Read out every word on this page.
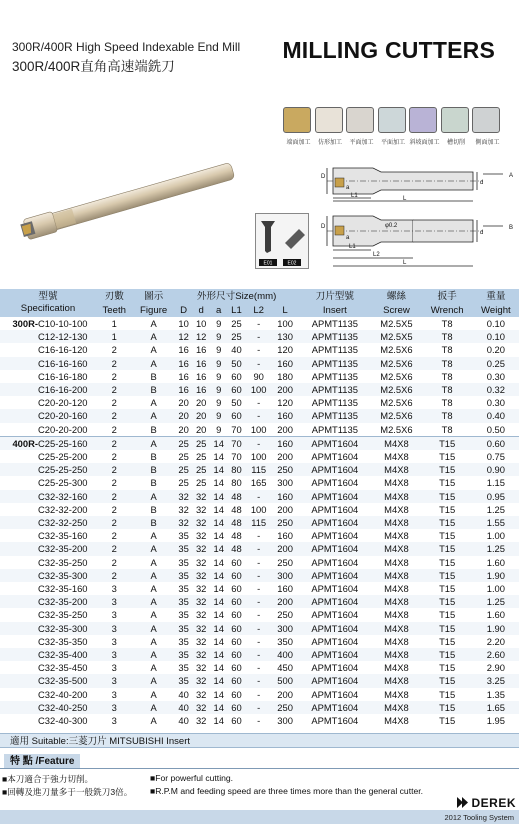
300R/400R High Speed Indexable End Mill
300R/400R直角高速端銑刀
MILLING CUTTERS
端面加工	仿形加工	平面加工	平面加工 斜坡面加工	槽切削	側面加工
D
d
a
L1	L
A
D
d
a
φ0.2
L1
L2
L
B
E01	E02
型號		刃數	圖示	外形尺寸Size(mm)						刀片型號	螺絲	扳手	重量
Specification		Teeth	Figure	D	d	a	L1	L2	L	Insert	Screw	Wrench	Weight
300R-	C10-10-100	1	A	10	10	9	25	-	100	APMT1135	M2.5X5	T8	0.10
	C12-12-130	1	A	12	12	9	25	-	130	APMT1135	M2.5X5	T8	0.10
	C16-16-120	2	A	16	16	9	40	-	120	APMT1135	M2.5X6	T8	0.20
	C16-16-160	2	A	16	16	9	50	-	160	APMT1135	M2.5X6	T8	0.25
	C16-16-180	2	B	16	16	9	60	90	180	APMT1135	M2.5X6	T8	0.30
	C16-16-200	2	B	16	16	9	60	100	200	APMT1135	M2.5X6	T8	0.32
	C20-20-120	2	A	20	20	9	50	-	120	APMT1135	M2.5X6	T8	0.30
	C20-20-160	2	A	20	20	9	60	-	160	APMT1135	M2.5X6	T8	0.40
	C20-20-200	2	B	20	20	9	70	100	200	APMT1135	M2.5X6	T8	0.50
400R-	C25-25-160	2	A	25	25	14	70	-	160	APMT1604	M4X8	T15	0.60
	C25-25-200	2	B	25	25	14	70	100	200	APMT1604	M4X8	T15	0.75
	C25-25-250	2	B	25	25	14	80	115	250	APMT1604	M4X8	T15	0.90
	C25-25-300	2	B	25	25	14	80	165	300	APMT1604	M4X8	T15	1.15
	C32-32-160	2	A	32	32	14	48	-	160	APMT1604	M4X8	T15	0.95
	C32-32-200	2	B	32	32	14	48	100	200	APMT1604	M4X8	T15	1.25
	C32-32-250	2	B	32	32	14	48	115	250	APMT1604	M4X8	T15	1.55
	C32-35-160	2	A	35	32	14	48	-	160	APMT1604	M4X8	T15	1.00
	C32-35-200	2	A	35	32	14	48	-	200	APMT1604	M4X8	T15	1.25
	C32-35-250	2	A	35	32	14	60	-	250	APMT1604	M4X8	T15	1.60
	C32-35-300	2	A	35	32	14	60	-	300	APMT1604	M4X8	T15	1.90
	C32-35-160	3	A	35	32	14	60	-	160	APMT1604	M4X8	T15	1.00
	C32-35-200	3	A	35	32	14	60	-	200	APMT1604	M4X8	T15	1.25
	C32-35-250	3	A	35	32	14	60	-	250	APMT1604	M4X8	T15	1.60
	C32-35-300	3	A	35	32	14	60	-	300	APMT1604	M4X8	T15	1.90
	C32-35-350	3	A	35	32	14	60	-	350	APMT1604	M4X8	T15	2.20
	C32-35-400	3	A	35	32	14	60	-	400	APMT1604	M4X8	T15	2.60
	C32-35-450	3	A	35	32	14	60	-	450	APMT1604	M4X8	T15	2.90
	C32-35-500	3	A	35	32	14	60	-	500	APMT1604	M4X8	T15	3.25
	C32-40-200	3	A	40	32	14	60	-	200	APMT1604	M4X8	T15	1.35
	C32-40-250	3	A	40	32	14	60	-	250	APMT1604	M4X8	T15	1.65
	C32-40-300	3	A	40	32	14	60	-	300	APMT1604	M4X8	T15	1.95
適用 Suitable:三菱刀片 MITSUBISHI Insert
特 點 /Feature
■本刀適合于強力切削。
■回轉及進刀量多于一般銑刀3倍。
■For powerful cutting.
■R.P.M and feeding speed are three times more than the general cutter.
DEREK
2012 Tooling System
